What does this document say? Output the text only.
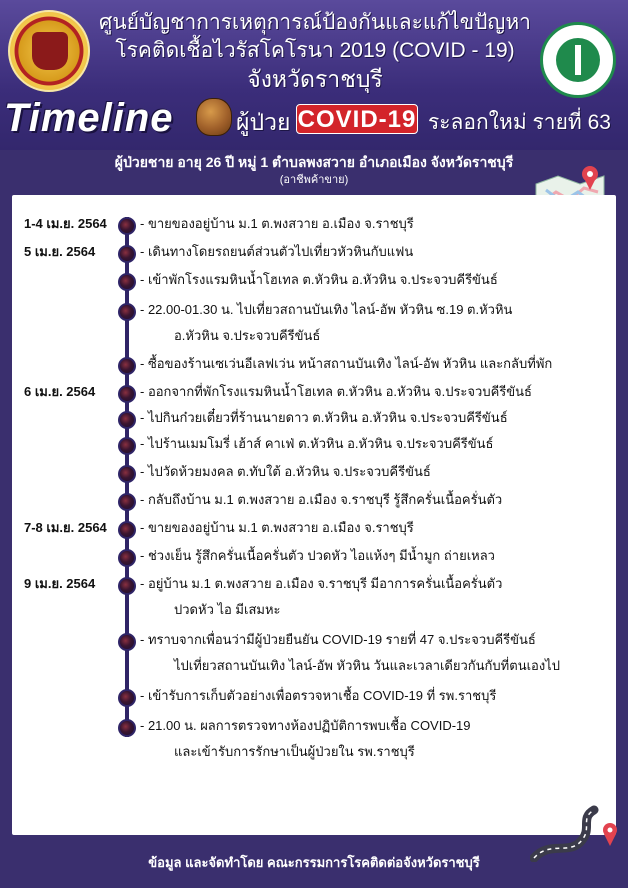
ศูนย์บัญชาการเหตุการณ์ป้องกันและแก้ไขปัญหา
โรคติดเชื้อไวรัสโคโรนา 2019 (COVID - 19)
จังหวัดราชบุรี
Timeline	ผู้ป่วย COVID-19 ระลอกใหม่ รายที่ 63
ผู้ป่วยชาย อายุ 26 ปี หมู่ 1 ตำบลพงสวาย อำเภอเมือง จังหวัดราชบุรี
(อาชีพค้าขาย)
1-4 เม.ย. 2564	- ขายของอยู่บ้าน ม.1 ต.พงสวาย อ.เมือง จ.ราชบุรี
5 เม.ย. 2564	- เดินทางโดยรถยนต์ส่วนตัวไปเที่ยวหัวหินกับแฟน
- เข้าพักโรงแรมหินน้ำโฮเทล ต.หัวหิน อ.หัวหิน จ.ประจวบคีรีขันธ์
- 22.00-01.30 น. ไปเที่ยวสถานบันเทิง ไลน์-อัพ หัวหิน ซ.19 ต.หัวหิน
อ.หัวหิน จ.ประจวบคีรีขันธ์
- ซื้อของร้านเซเว่นอีเลฟเว่น หน้าสถานบันเทิง ไลน์-อัพ หัวหิน และกลับที่พัก
6 เม.ย. 2564	- ออกจากที่พักโรงแรมหินน้ำโฮเทล ต.หัวหิน อ.หัวหิน จ.ประจวบคีรีขันธ์
- ไปกินก๋วยเตี๋ยวที่ร้านนายดาว ต.หัวหิน อ.หัวหิน จ.ประจวบคีรีขันธ์
- ไปร้านเมมโมรี่ เฮ้าส์ คาเฟ่ ต.หัวหิน อ.หัวหิน จ.ประจวบคีรีขันธ์
- ไปวัดห้วยมงคล ต.ทับใต้ อ.หัวหิน จ.ประจวบคีรีขันธ์
- กลับถึงบ้าน ม.1 ต.พงสวาย อ.เมือง จ.ราชบุรี รู้สึกครั่นเนื้อครั่นตัว
7-8 เม.ย. 2564	- ขายของอยู่บ้าน ม.1 ต.พงสวาย อ.เมือง จ.ราชบุรี
- ช่วงเย็น รู้สึกครั่นเนื้อครั่นตัว ปวดหัว ไอแห้งๆ มีน้ำมูก ถ่ายเหลว
9 เม.ย. 2564	- อยู่บ้าน ม.1 ต.พงสวาย อ.เมือง จ.ราชบุรี มีอาการครั่นเนื้อครั่นตัว
ปวดหัว ไอ มีเสมหะ
- ทราบจากเพื่อนว่ามีผู้ป่วยยืนยัน COVID-19 รายที่ 47 จ.ประจวบคีรีขันธ์
ไปเที่ยวสถานบันเทิง ไลน์-อัพ หัวหิน วันและเวลาเดียวกันกับที่ตนเองไป
- เข้ารับการเก็บตัวอย่างเพื่อตรวจหาเชื้อ COVID-19 ที่ รพ.ราชบุรี
- 21.00 น. ผลการตรวจทางห้องปฏิบัติการพบเชื้อ COVID-19
และเข้ารับการรักษาเป็นผู้ป่วยใน รพ.ราชบุรี
ข้อมูล และจัดทำโดย คณะกรรมการโรคติดต่อจังหวัดราชบุรี
